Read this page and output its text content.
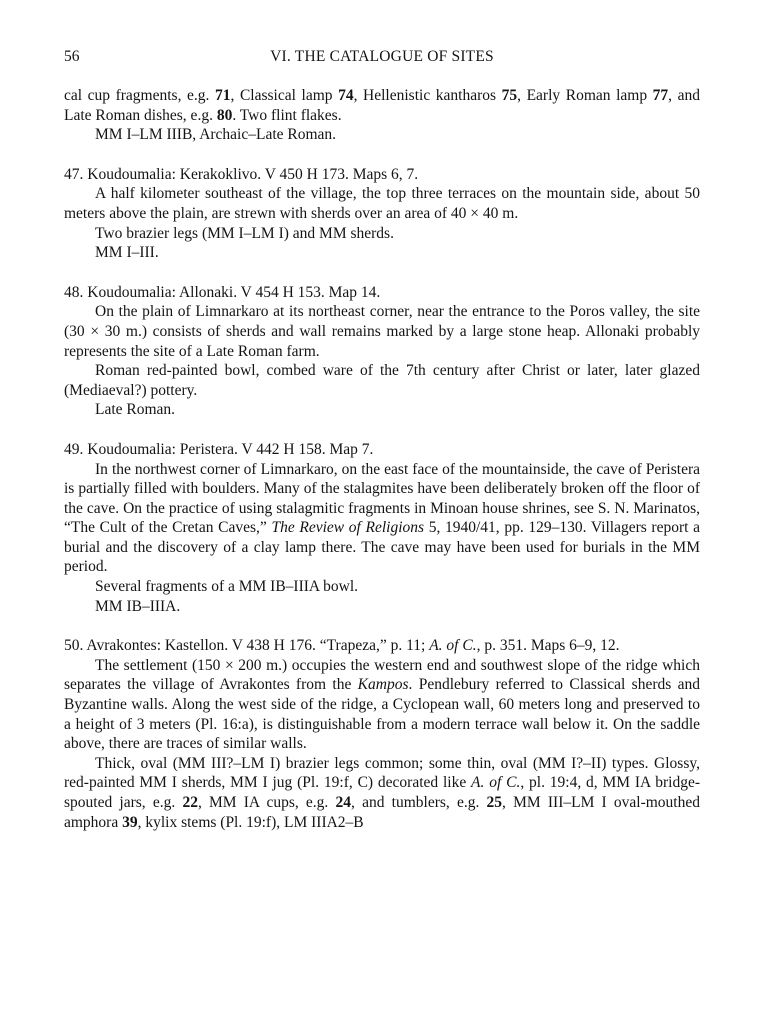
56	VI. THE CATALOGUE OF SITES

cal cup fragments, e.g. 71, Classical lamp 74, Hellenistic kantharos 75, Early Roman lamp 77, and Late Roman dishes, e.g. 80. Two flint flakes.

MM I–LM IIIB, Archaic–Late Roman.

47. Koudoumalia: Kerakoklivo. V 450 H 173. Maps 6, 7.

A half kilometer southeast of the village, the top three terraces on the mountain side, about 50 meters above the plain, are strewn with sherds over an area of 40 × 40 m.

Two brazier legs (MM I–LM I) and MM sherds.

MM I–III.

48. Koudoumalia: Allonaki. V 454 H 153. Map 14.

On the plain of Limnarkaro at its northeast corner, near the entrance to the Poros valley, the site (30 × 30 m.) consists of sherds and wall remains marked by a large stone heap. Allonaki probably represents the site of a Late Roman farm.

Roman red-painted bowl, combed ware of the 7th century after Christ or later, later glazed (Mediaeval?) pottery.

Late Roman.

49. Koudoumalia: Peristera. V 442 H 158. Map 7.

In the northwest corner of Limnarkaro, on the east face of the mountainside, the cave of Peristera is partially filled with boulders. Many of the stalagmites have been deliberately broken off the floor of the cave. On the practice of using stalagmitic fragments in Minoan house shrines, see S. N. Marinatos, “The Cult of the Cretan Caves,” The Review of Religions 5, 1940/41, pp. 129–130. Villagers report a burial and the discovery of a clay lamp there. The cave may have been used for burials in the MM period.

Several fragments of a MM IB–IIIA bowl.

MM IB–IIIA.

50. Avrakontes: Kastellon. V 438 H 176. “Trapeza,” p. 11; A. of C., p. 351. Maps 6–9, 12.

The settlement (150 × 200 m.) occupies the western end and southwest slope of the ridge which separates the village of Avrakontes from the Kampos. Pendlebury referred to Classical sherds and Byzantine walls. Along the west side of the ridge, a Cyclopean wall, 60 meters long and preserved to a height of 3 meters (Pl. 16:a), is distinguishable from a modern terrace wall below it. On the saddle above, there are traces of similar walls.

Thick, oval (MM III?–LM I) brazier legs common; some thin, oval (MM I?–II) types. Glossy, red-painted MM I sherds, MM I jug (Pl. 19:f, C) decorated like A. of C., pl. 19:4, d, MM IA bridge-spouted jars, e.g. 22, MM IA cups, e.g. 24, and tumblers, e.g. 25, MM III–LM I oval-mouthed amphora 39, kylix stems (Pl. 19:f), LM IIIA2–B
